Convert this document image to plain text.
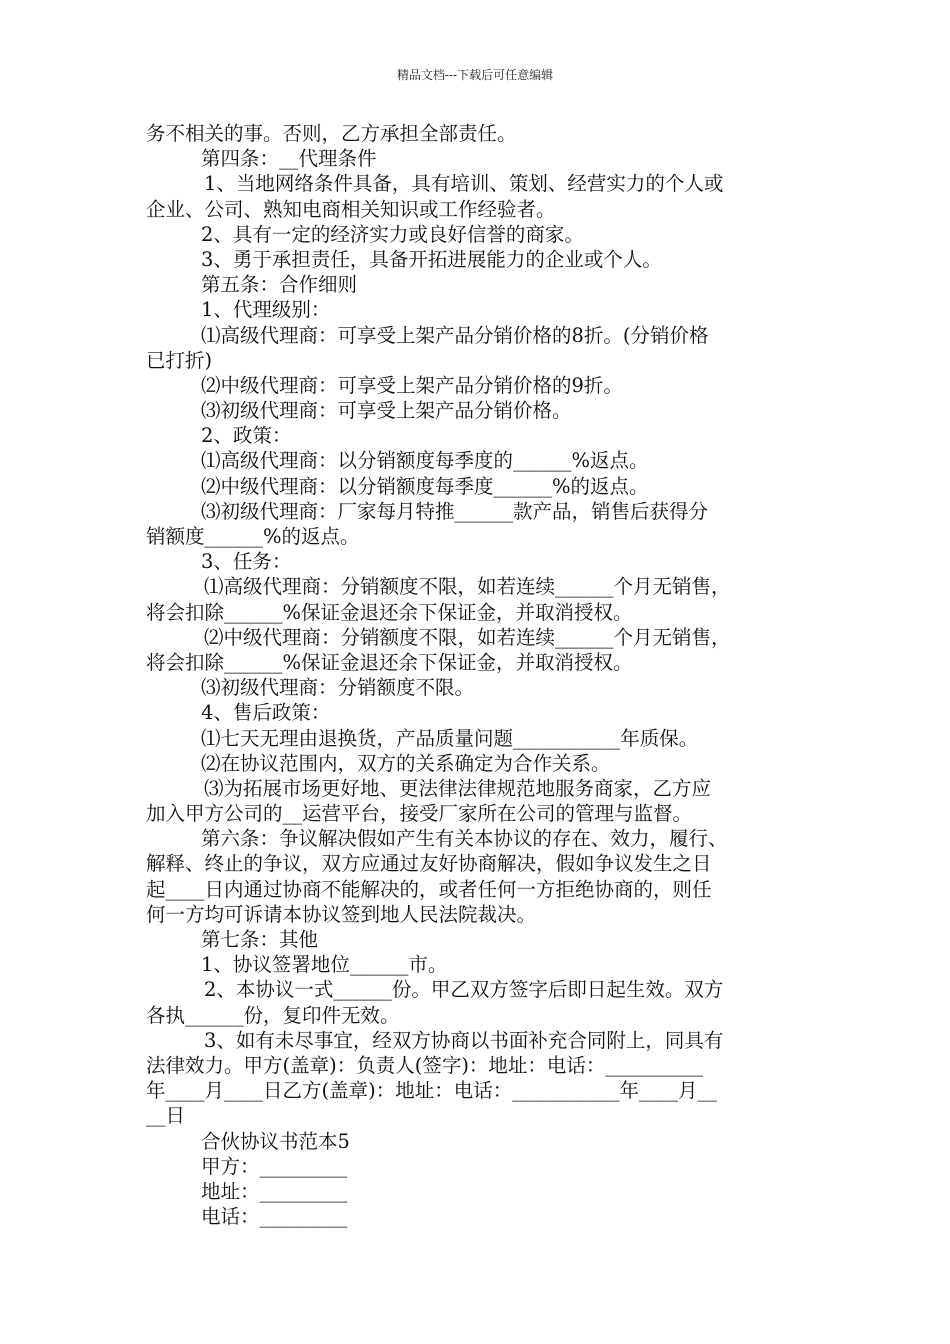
精品文档---下载后可任意编辑
务不相关的事。否则，乙方承担全部责任。
第四条：__代理条件
1、当地网络条件具备，具有培训、策划、经营实力的个人或
企业、公司、熟知电商相关知识或工作经验者。
2、具有一定的经济实力或良好信誉的商家。
3、勇于承担责任，具备开拓进展能力的企业或个人。
第五条：合作细则
1、代理级别：
⑴高级代理商：可享受上架产品分销价格的8折。(分销价格
已打折)
⑵中级代理商：可享受上架产品分销价格的9折。
⑶初级代理商：可享受上架产品分销价格。
2、政策：
⑴高级代理商：以分销额度每季度的______%返点。
⑵中级代理商：以分销额度每季度______%的返点。
⑶初级代理商：厂家每月特推______款产品，销售后获得分
销额度______%的返点。
3、任务：
⑴高级代理商：分销额度不限，如若连续______个月无销售，
将会扣除______%保证金退还余下保证金，并取消授权。
⑵中级代理商：分销额度不限，如若连续______个月无销售，
将会扣除______%保证金退还余下保证金，并取消授权。
⑶初级代理商：分销额度不限。
4、售后政策：
⑴七天无理由退换货，产品质量问题___________年质保。
⑵在协议范围内，双方的关系确定为合作关系。
⑶为拓展市场更好地、更法律法律规范地服务商家，乙方应
加入甲方公司的__运营平台，接受厂家所在公司的管理与监督。
第六条：争议解决假如产生有关本协议的存在、效力，履行、
解释、终止的争议，双方应通过友好协商解决，假如争议发生之日
起____日内通过协商不能解决的，或者任何一方拒绝协商的，则任
何一方均可诉请本协议签到地人民法院裁决。
第七条：其他
1、协议签署地位______市。
2、本协议一式______份。甲乙双方签字后即日起生效。双方
各执______份，复印件无效。
3、如有未尽事宜，经双方协商以书面补充合同附上，同具有
法律效力。甲方(盖章)：负责人(签字)：地址：电话：__________
年____月____日乙方(盖章)：地址：电话：___________年____月__
__日
合伙协议书范本5
甲方：_________
地址：_________
电话：_________
